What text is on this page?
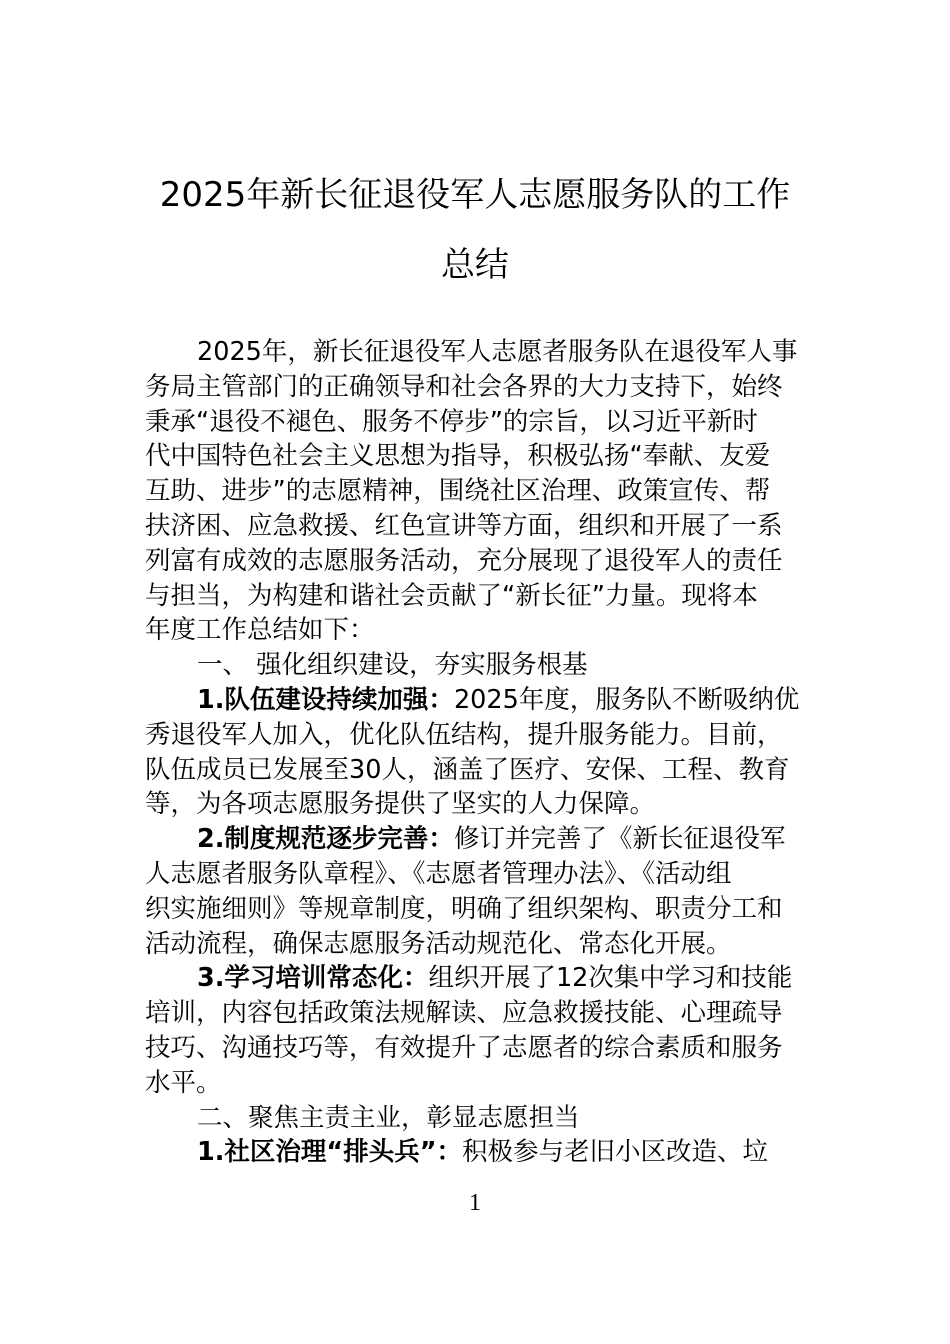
2025年新长征退役军人志愿服务队的工作
总结
2025年，新长征退役军人志愿者服务队在退役军人事
务局主管部门的正确领导和社会各界的大力支持下，始终
秉承“退役不褪色、服务不停步”的宗旨，以习近平新时
代中国特色社会主义思想为指导，积极弘扬“奉献、友爱
互助、进步”的志愿精神，围绕社区治理、政策宣传、帮
扶济困、应急救援、红色宣讲等方面，组织和开展了一系
列富有成效的志愿服务活动，充分展现了退役军人的责任
与担当，为构建和谐社会贡献了“新长征”力量。现将本
年度工作总结如下：
一、 强化组织建设，夯实服务根基
1.队伍建设持续加强：2025年度，服务队不断吸纳优
秀退役军人加入，优化队伍结构，提升服务能力。目前，
队伍成员已发展至30人，涵盖了医疗、安保、工程、教育
等，为各项志愿服务提供了坚实的人力保障。
2.制度规范逐步完善：修订并完善了《新长征退役军
人志愿者服务队章程》、《志愿者管理办法》、《活动组
织实施细则》等规章制度，明确了组织架构、职责分工和
活动流程，确保志愿服务活动规范化、常态化开展。
3.学习培训常态化：组织开展了12次集中学习和技能
培训，内容包括政策法规解读、应急救援技能、心理疏导
技巧、沟通技巧等，有效提升了志愿者的综合素质和服务
水平。
二、聚焦主责主业，彰显志愿担当
1.社区治理“排头兵”：积极参与老旧小区改造、垃
1
